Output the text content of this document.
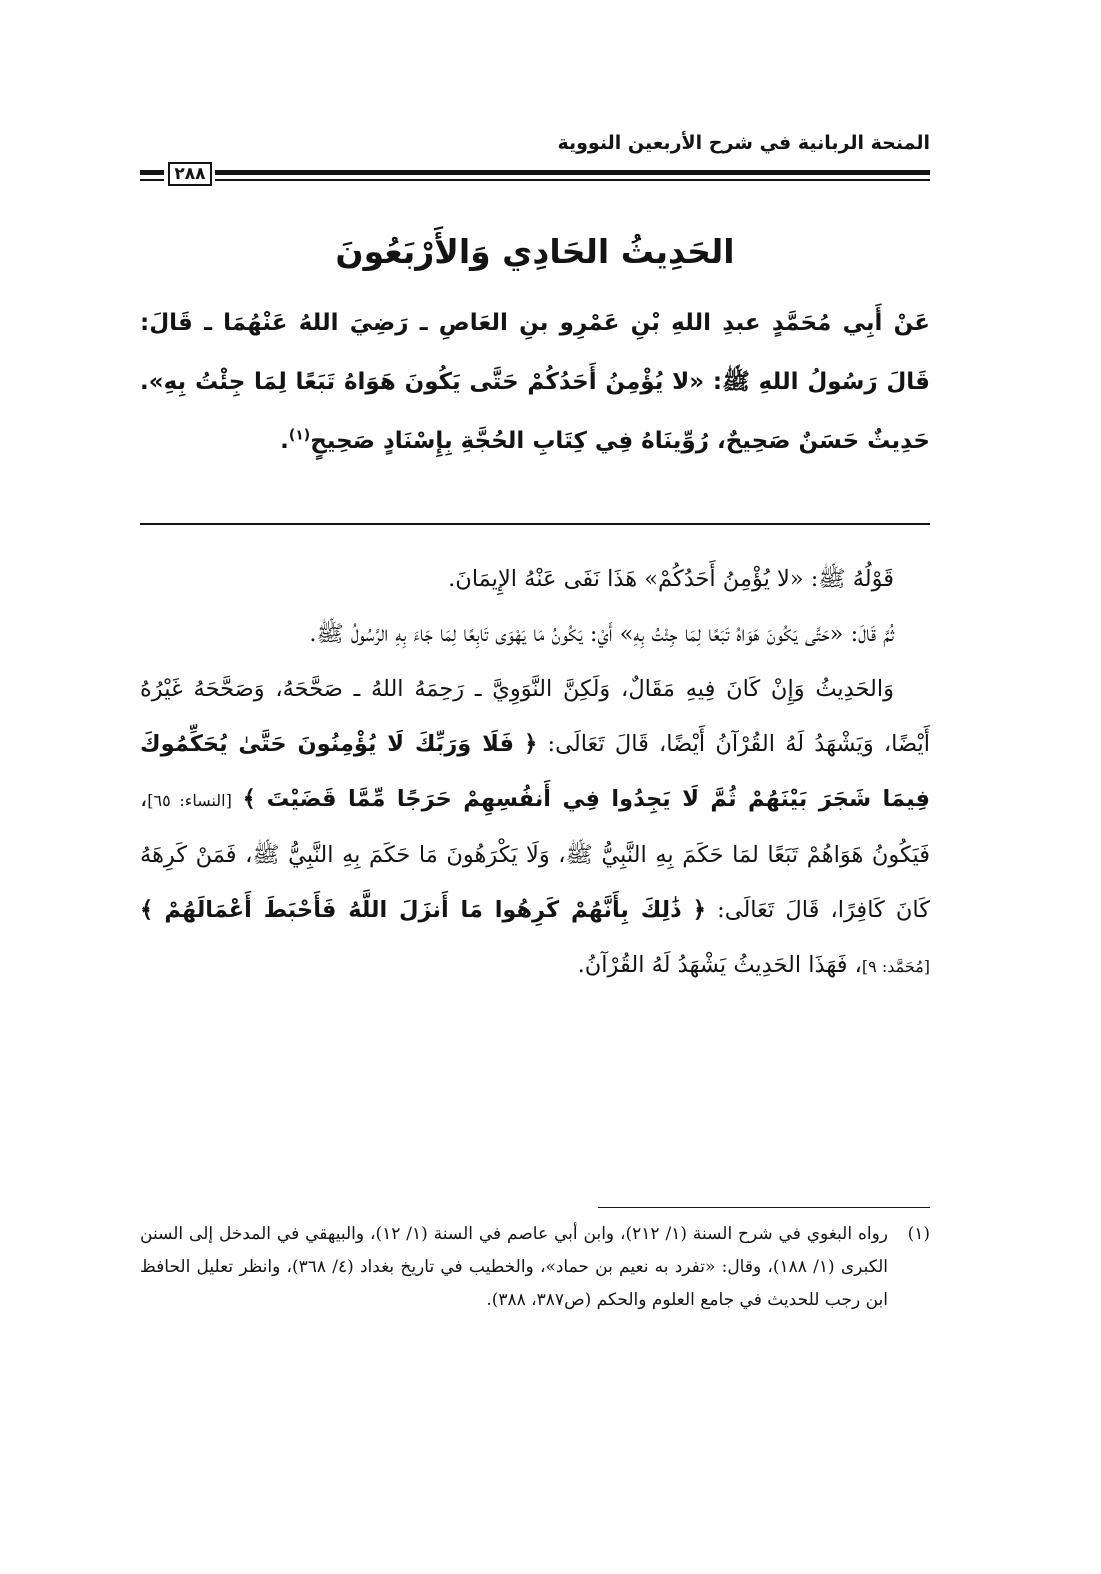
المنحة الربانية في شرح الأربعين النووية
٢٨٨
الحَدِيثُ الحَادِي وَالأَرْبَعُونَ
عَنْ أَبِي مُحَمَّدٍ عبدِ اللهِ بْنِ عَمْرِو بنِ العَاصِ ـ رَضِيَ اللهُ عَنْهُمَا ـ قَالَ: قَالَ رَسُولُ اللهِ ﷺ: «لا يُؤْمِنُ أَحَدُكُمْ حَتَّى يَكُونَ هَوَاهُ تَبَعًا لِمَا جِئْتُ بِهِ». حَدِيثٌ حَسَنٌ صَحِيحٌ، رُوِّينَاهُ فِي كِتَابِ الحُجَّةِ بِإِسْنَادٍ صَحِيحٍ$^{(١)}$.

قَوْلُهُ ﷺ: «لا يُؤْمِنُ أَحَدُكُمْ» هَذَا نَفَى عَنْهُ الإِيمَانَ.

ثُمَّ قَالَ: «حَتَّى يَكُونَ هَوَاهُ تَبَعًا لِمَا جِئْتُ بِهِ» أَيْ: يَكُونُ مَا يَهْوَى تَابِعًا لِمَا جَاءَ بِهِ الرَّسُولُ ﷺ.

وَالحَدِيثُ وَإِنْ كَانَ فِيهِ مَقَالٌ، وَلَكِنَّ النَّوَوِيَّ ـ رَحِمَهُ اللهُ ـ صَحَّحَهُ، وَصَحَّحَهُ غَيْرُهُ أَيْضًا، وَيَشْهَدُ لَهُ القُرْآنُ أَيْضًا، قَالَ تَعَالَى: ﴿ فَلَا وَرَبِّكَ لَا يُؤْمِنُونَ حَتَّىٰ يُحَكِّمُوكَ فِيمَا شَجَرَ بَيْنَهُمْ ثُمَّ لَا يَجِدُوا فِي أَنفُسِهِمْ حَرَجًا مِّمَّا قَضَيْتَ ﴾ [النساء: ٦٥]، فَيَكُونُ هَوَاهُمْ تَبَعًا لمَا حَكَمَ بِهِ النَّبِيُّ ﷺ، وَلَا يَكْرَهُونَ مَا حَكَمَ بِهِ النَّبِيُّ ﷺ، فَمَنْ كَرِهَهُ كَانَ كَافِرًا، قَالَ تَعَالَى: ﴿ ذَٰلِكَ بِأَنَّهُمْ كَرِهُوا مَا أَنزَلَ اللَّهُ فَأَحْبَطَ أَعْمَالَهُمْ ﴾ [مُحَمَّد: ٩]، فَهَذَا الحَدِيثُ يَشْهَدُ لَهُ القُرْآنُ.

(١)رواه البغوي في شرح السنة (١/ ٢١٢)، وابن أبي عاصم في السنة (١/ ١٢)، والبيهقي في المدخل إلى السنن الكبرى (١/ ١٨٨)، وقال: «تفرد به نعيم بن حماد»، والخطيب في تاريخ بغداد (٤/ ٣٦٨)، وانظر تعليل الحافظ ابن رجب للحديث في جامع العلوم والحكم (ص٣٨٧، ٣٨٨).
